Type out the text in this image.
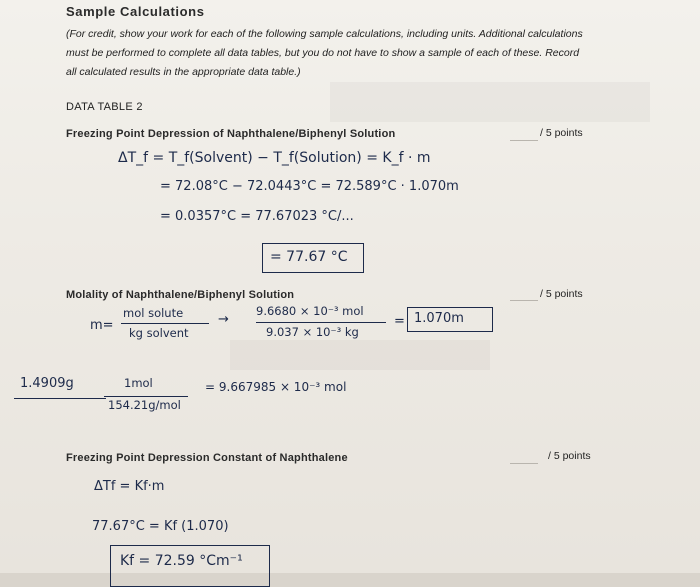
Sample Calculations
(For credit, show your work for each of the following sample calculations, including units. Additional calculations must be performed to complete all data tables, but you do not have to show a sample of each of these. Record all calculated results in the appropriate data table.)
DATA TABLE 2
Freezing Point Depression of Naphthalene/Biphenyl Solution	/ 5 points
ΔT_f = T_f(Solvent) − T_f(Solution) = K_f · m
= 72.08°C − 72.0443°C = 72.589°C · 1.070m
= 0.0357°C = 77.67023 °C/...
= 77.67 °C
Molality of Naphthalene/Biphenyl Solution	/ 5 points
m=
mol solute
kg solvent
→
9.6680 × 10⁻³ mol
9.037 × 10⁻³ kg
= 1.070m
1.4909g	1mol
154.21g/mol
= 9.667985 × 10⁻³ mol
Freezing Point Depression Constant of Naphthalene	/ 5 points
ΔTf = Kf·m
77.67°C = Kf (1.070)
Kf = 72.59 °Cm⁻¹
